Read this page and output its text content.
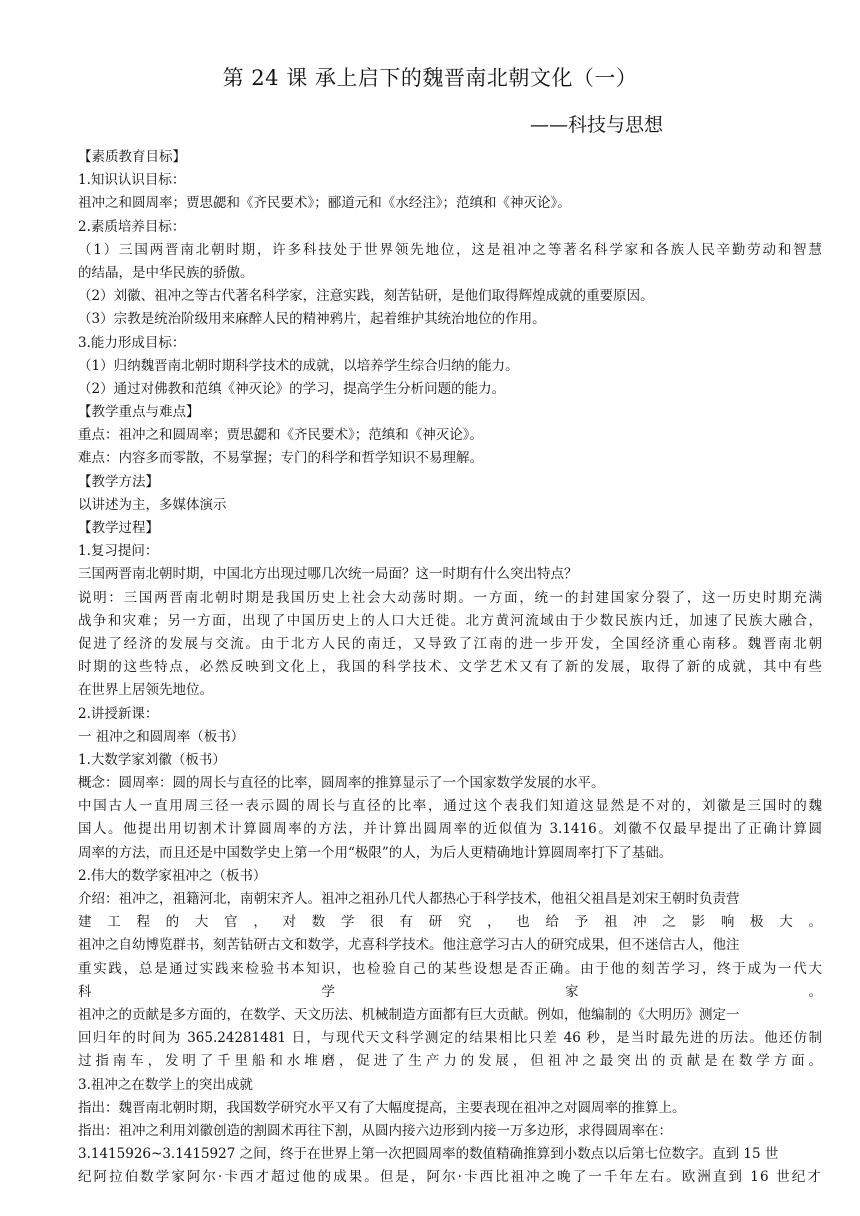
第 24 课 承上启下的魏晋南北朝文化（一）
——科技与思想
【素质教育目标】
1.知识认识目标：
祖冲之和圆周率；贾思勰和《齐民要术》；郦道元和《水经注》；范缜和《神灭论》。
2.素质培养目标：
（1）三国两晋南北朝时期，许多科技处于世界领先地位，这是祖冲之等著名科学家和各族人民辛勤劳动和智慧
的结晶，是中华民族的骄傲。
（2）刘徽、祖冲之等古代著名科学家，注意实践，刻苦钻研，是他们取得辉煌成就的重要原因。
（3）宗教是统治阶级用来麻醉人民的精神鸦片，起着维护其统治地位的作用。
3.能力形成目标：
（1）归纳魏晋南北朝时期科学技术的成就，以培养学生综合归纳的能力。
（2）通过对佛教和范缜《神灭论》的学习，提高学生分析问题的能力。
【教学重点与难点】
重点：祖冲之和圆周率；贾思勰和《齐民要术》；范缜和《神灭论》。
难点：内容多而零散，不易掌握；专门的科学和哲学知识不易理解。
【教学方法】
以讲述为主，多媒体演示
【教学过程】
1.复习提问：
三国两晋南北朝时期，中国北方出现过哪几次统一局面？这一时期有什么突出特点？
说明：三国两晋南北朝时期是我国历史上社会大动荡时期。一方面，统一的封建国家分裂了，这一历史时期充满
战争和灾难；另一方面，出现了中国历史上的人口大迁徙。北方黄河流域由于少数民族内迁，加速了民族大融合，
促进了经济的发展与交流。由于北方人民的南迁，又导致了江南的进一步开发，全国经济重心南移。魏晋南北朝
时期的这些特点，必然反映到文化上，我国的科学技术、文学艺术又有了新的发展，取得了新的成就，其中有些
在世界上居领先地位。
2.讲授新课：
一 祖冲之和圆周率（板书）
1.大数学家刘徽（板书）
概念：圆周率：圆的周长与直径的比率，圆周率的推算显示了一个国家数学发展的水平。
中国古人一直用周三径一表示圆的周长与直径的比率，通过这个表我们知道这显然是不对的，刘徽是三国时的魏
国人。他提出用切割术计算圆周率的方法，并计算出圆周率的近似值为 3.1416。刘徽不仅最早提出了正确计算圆
周率的方法，而且还是中国数学史上第一个用“极限”的人，为后人更精确地计算圆周率打下了基础。
2.伟大的数学家祖冲之（板书）
介绍：祖冲之，祖籍河北，南朝宋齐人。祖冲之祖孙几代人都热心于科学技术，他祖父祖昌是刘宋王朝时负责营
建工程的大官，对数学很有研究，也给予祖冲之影响极大。
祖冲之自幼博览群书，刻苦钻研古文和数学，尤喜科学技术。他注意学习古人的研究成果，但不迷信古人，他注
重实践，总是通过实践来检验书本知识，也检验自己的某些设想是否正确。由于他的刻苦学习，终于成为一代大
科学家。
祖冲之的贡献是多方面的，在数学、天文历法、机械制造方面都有巨大贡献。例如，他编制的《大明历》测定一
回归年的时间为 365.24281481 日，与现代天文科学测定的结果相比只差 46 秒，是当时最先进的历法。他还仿制
过指南车，发明了千里船和水堆磨，促进了生产力的发展，但祖冲之最突出的贡献是在数学方面。
3.祖冲之在数学上的突出成就
指出：魏晋南北朝时期，我国数学研究水平又有了大幅度提高，主要表现在祖冲之对圆周率的推算上。
指出：祖冲之利用刘徽创造的割圆术再往下割，从圆内接六边形到内接一万多边形，求得圆周率在：
3.1415926~3.1415927 之间，终于在世界上第一次把圆周率的数值精确推算到小数点以后第七位数字。直到 15 世
纪阿拉伯数学家阿尔·卡西才超过他的成果。但是，阿尔·卡西比祖冲之晚了一千年左右。欧洲直到 16 世纪才
